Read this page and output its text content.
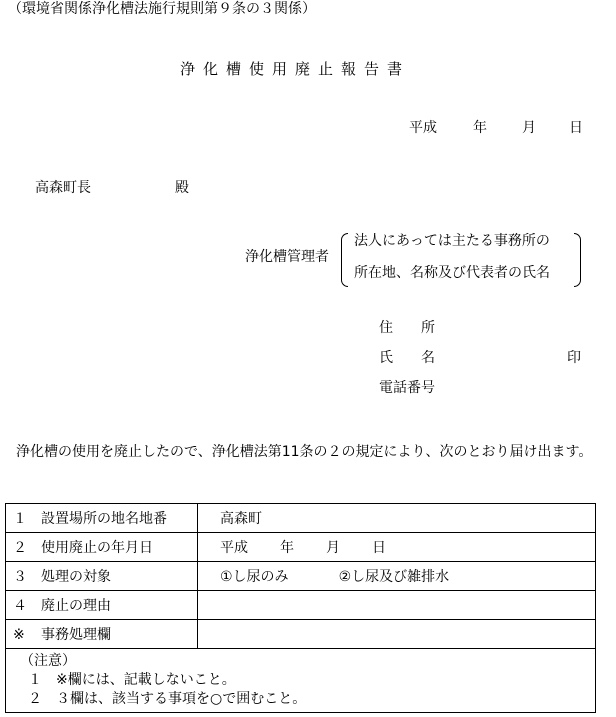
（環境省関係浄化槽法施行規則第９条の３関係）
浄化槽使用廃止報告書
平成	年	月 日
高森町長	殿
浄化槽管理者
法人にあっては主たる事務所の
所在地、名称及び代表者の氏名
住　　所
氏　　名	印
電話番号
浄化槽の使用を廃止したので、浄化槽法第11条の２の規定により、次のとおり届け出ます。
１ 設置場所の地名地番	高森町
２ 使用廃止の年月日	平成 年 月 日
３ 処理の対象	①し尿のみ ②し尿及び雑排水
４ 廃止の理由	
※ 事務処理欄	
（注意）
１　※欄には、記載しないこと。
２　３欄は、該当する事項を○で囲むこと。
